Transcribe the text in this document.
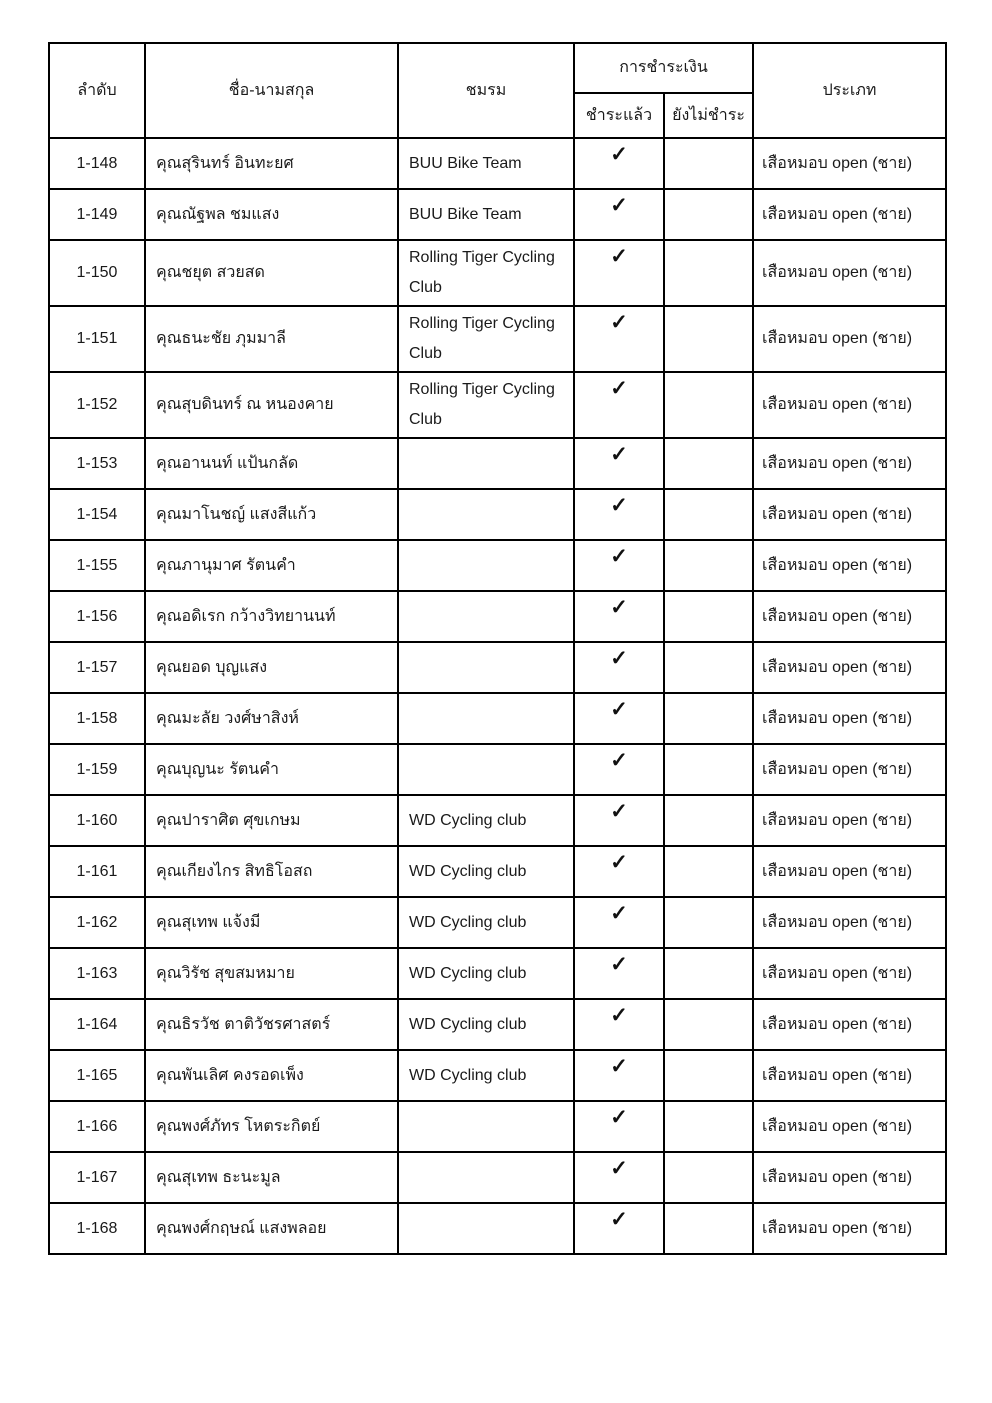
ลำดับ	ชื่อ-นามสกุล	ชมรม	การชำระเงิน		ประเภท
			ชำระแล้ว	ยังไม่ชำระ	
1-148	คุณสุรินทร์ อินทะยศ	BUU Bike Team	✓		เสือหมอบ open (ชาย)
1-149	คุณณัฐพล ชมแสง	BUU Bike Team	✓		เสือหมอบ open (ชาย)
1-150	คุณชยุต สวยสด	Rolling Tiger Cycling Club	✓		เสือหมอบ open (ชาย)
1-151	คุณธนะชัย ภุมมาลี	Rolling Tiger Cycling Club	✓		เสือหมอบ open (ชาย)
1-152	คุณสุบดินทร์ ณ หนองคาย	Rolling Tiger Cycling Club	✓		เสือหมอบ open (ชาย)
1-153	คุณอานนท์ แป้นกลัด		✓		เสือหมอบ open (ชาย)
1-154	คุณมาโนชญ์ แสงสีแก้ว		✓		เสือหมอบ open (ชาย)
1-155	คุณภานุมาศ รัตนคำ		✓		เสือหมอบ open (ชาย)
1-156	คุณอดิเรก กว้างวิทยานนท์		✓		เสือหมอบ open (ชาย)
1-157	คุณยอด บุญแสง		✓		เสือหมอบ open (ชาย)
1-158	คุณมะลัย วงศ์ษาสิงห์		✓		เสือหมอบ open (ชาย)
1-159	คุณบุญนะ รัตนคำ		✓		เสือหมอบ open (ชาย)
1-160	คุณปาราศิต ศุขเกษม	WD Cycling club	✓		เสือหมอบ open (ชาย)
1-161	คุณเกียงไกร สิทธิโอสถ	WD Cycling club	✓		เสือหมอบ open (ชาย)
1-162	คุณสุเทพ แจ้งมี	WD Cycling club	✓		เสือหมอบ open (ชาย)
1-163	คุณวิรัช สุขสมหมาย	WD Cycling club	✓		เสือหมอบ open (ชาย)
1-164	คุณธิรวัช ตาติวัชรศาสตร์	WD Cycling club	✓		เสือหมอบ open (ชาย)
1-165	คุณพันเลิศ คงรอดเพ็ง	WD Cycling club	✓		เสือหมอบ open (ชาย)
1-166	คุณพงศ์ภัทร โหตระกิตย์		✓		เสือหมอบ open (ชาย)
1-167	คุณสุเทพ ธะนะมูล		✓		เสือหมอบ open (ชาย)
1-168	คุณพงศ์กฤษณ์ แสงพลอย		✓		เสือหมอบ open (ชาย)
